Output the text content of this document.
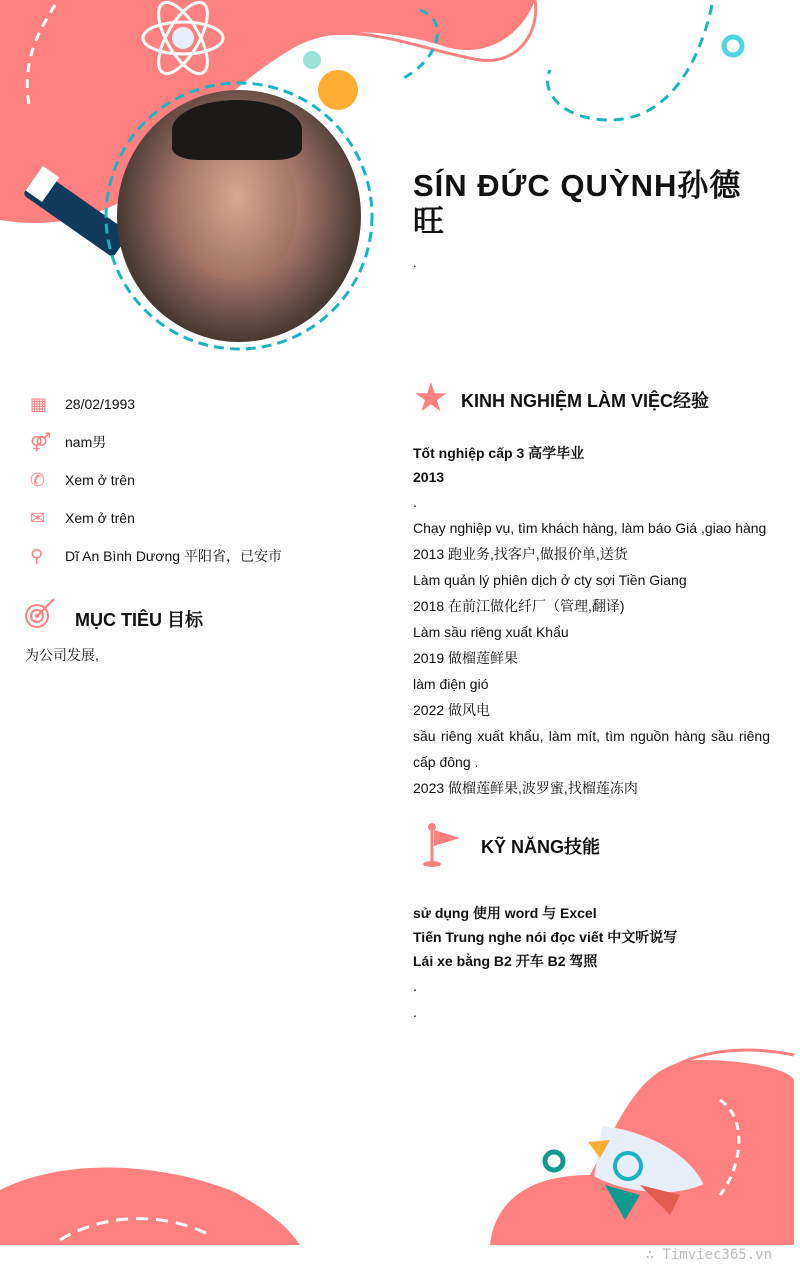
SÍN ĐỨC QUỲNH孙德旺
.
▦	28/02/1993
⚤ nam男
✆	Xem ở trên
✉	Xem ở trên
⚲	Dĩ An Bình Dương 平阳省，已安市
MỤC TIÊU 目标
为公司发展,
★ KINH NGHIỆM LÀM VIỆC经验
Tốt nghiệp cấp 3 高学毕业
2013
.
Chạy nghiệp vụ, tìm khách hàng, làm báo Giá ,giao hàng
2013 跑业务,找客户,做报价单,送货
Làm quản lý phiên dịch ở cty sợi Tiền Giang
2018 在前江做化纤厂（管理,翻译)
Làm sầu riêng xuất Khẩu
2019 做榴莲鲜果
làm điện gió
2022 做风电
sầu riêng xuất khẩu, làm mít, tìm nguồn hàng sầu riêng cấp đông .
2023 做榴莲鲜果,波罗蜜,找榴莲冻肉
KỸ NĂNG技能
sử dụng 使用 word 与 Excel
Tiến Trung nghe nói đọc viết 中文听说写
Lái xe bằng B2 开车 B2 驾照
.
.
∴ Timviec365.vn
